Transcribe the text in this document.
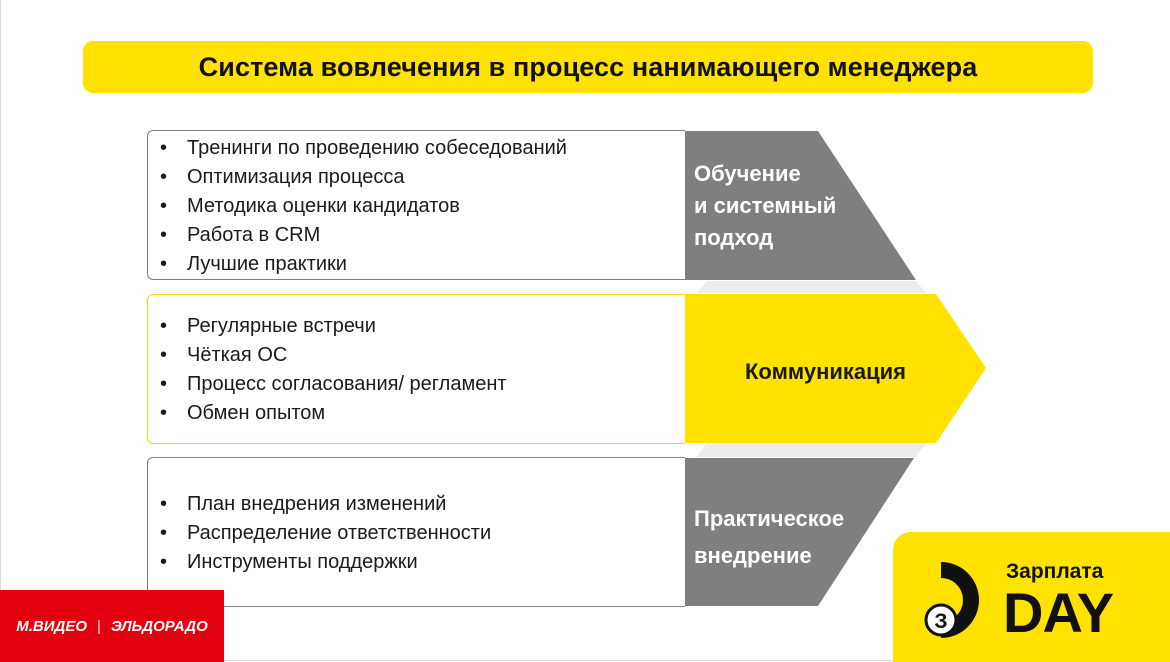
Система вовлечения в процесс нанимающего менеджера
• Тренинги по проведению собеседований
• Оптимизация процесса
• Методика оценки кандидатов
• Работа в CRM
• Лучшие практики
Обучение
и системный
подход
• Регулярные встречи
• Чёткая ОС
• Процесс согласования/ регламент
• Обмен опытом
Коммуникация
• План внедрения изменений
• Распределение ответственности
• Инструменты поддержки
Практическое
внедрение
М.ВИДЕО | ЭЛЬДОРАДО	З
Зарплата
DAY
